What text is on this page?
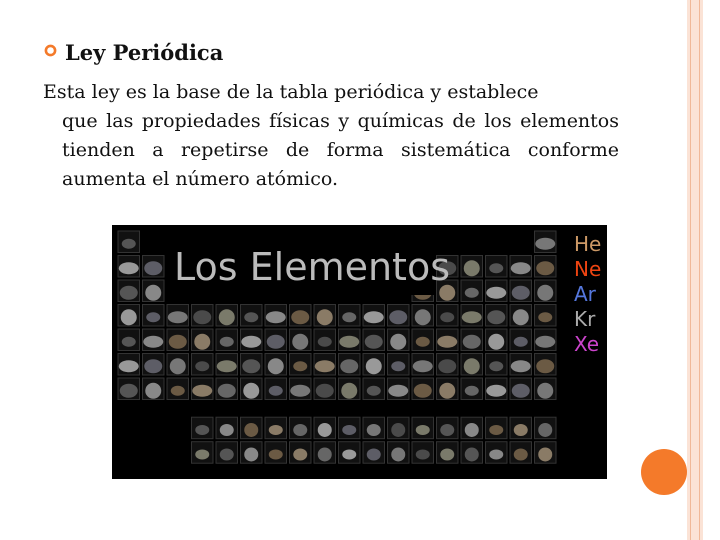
Ley Periódica
Esta ley es la base de la tabla periódica y establece
que las propiedades físicas y químicas de los elementos tienden a repetirse de forma sistemática conforme aumenta el número atómico.
Los Elementos
He
Ne
Ar
Kr
Xe
